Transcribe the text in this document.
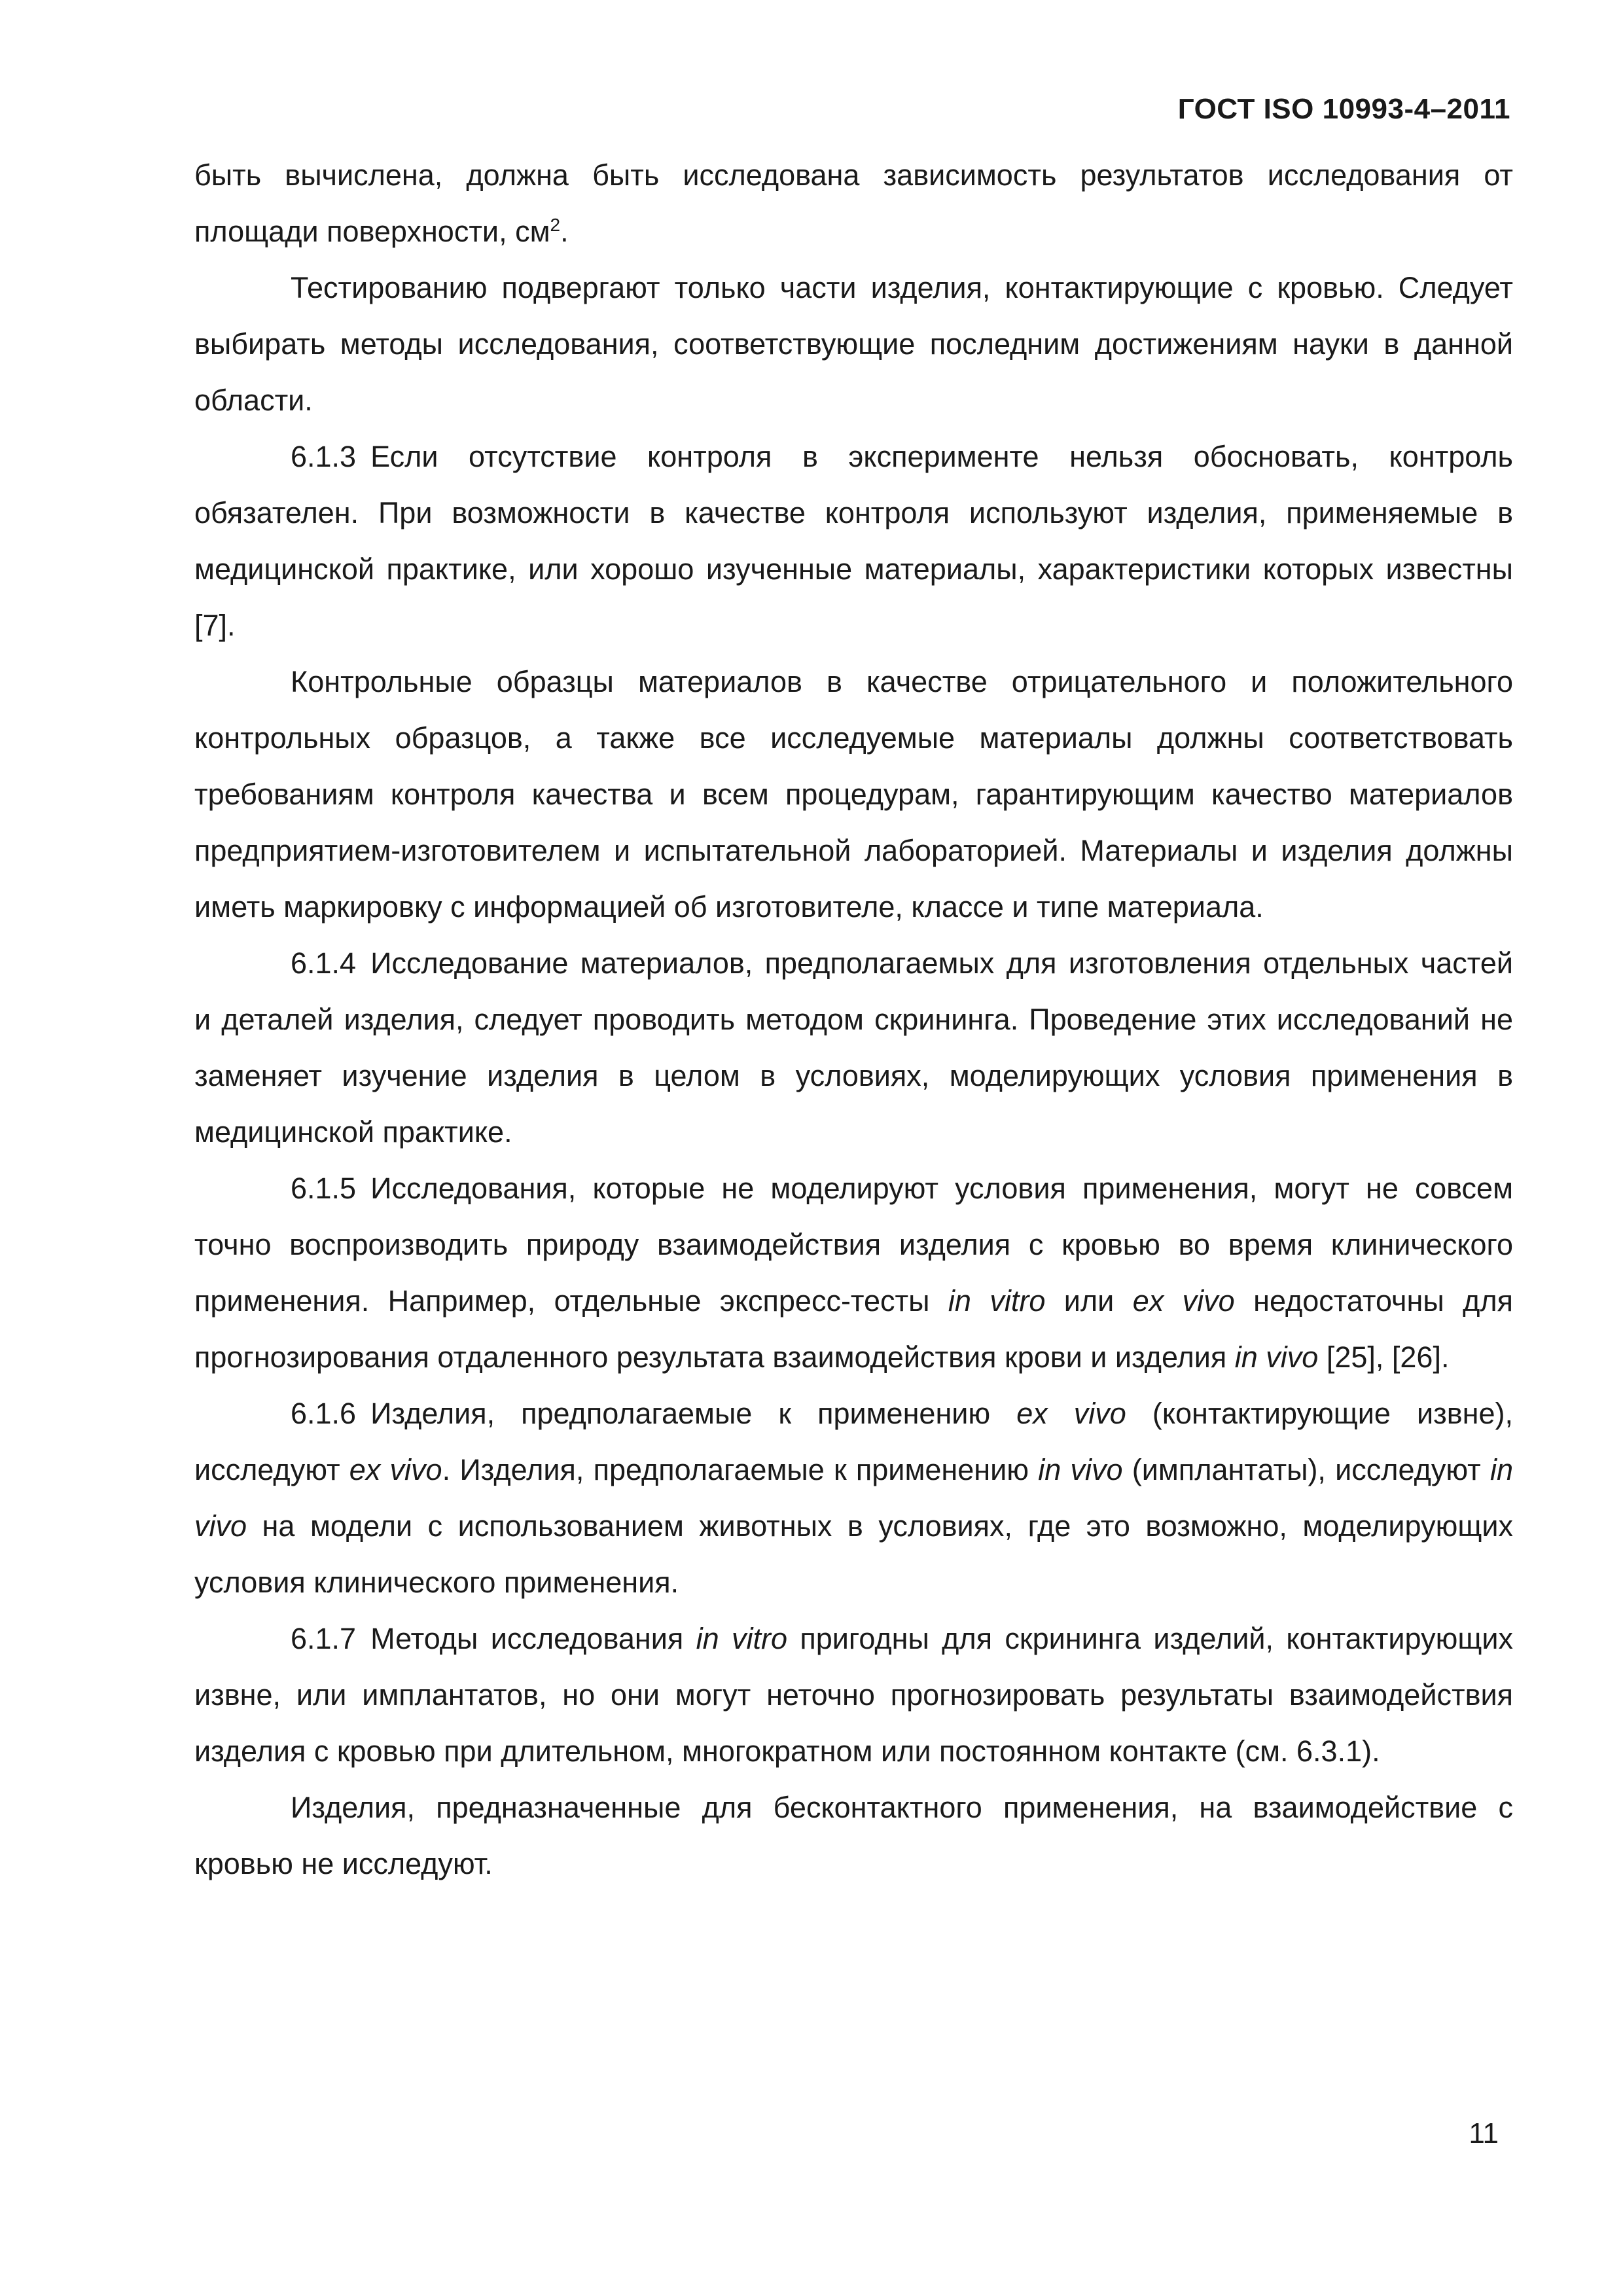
ГОСТ ISO 10993-4–2011

быть вычислена, должна быть исследована зависимость результатов исследования от площади поверхности, $см^2$.

Тестированию подвергают только части изделия, контактирующие с кровью. Следует выбирать методы исследования, соответствующие последним достижениям науки в данной области.

6.1.3 Если отсутствие контроля в эксперименте нельзя обосновать, контроль обязателен. При возможности в качестве контроля используют изделия, применяемые в медицинской практике, или хорошо изученные материалы, характеристики которых известны [7].

Контрольные образцы материалов в качестве отрицательного и положительного контрольных образцов, а также все исследуемые материалы должны соответствовать требованиям контроля качества и всем процедурам, гарантирующим качество материалов предприятием-изготовителем и испытательной лабораторией. Материалы и изделия должны иметь маркировку с информацией об изготовителе, классе и типе материала.

6.1.4 Исследование материалов, предполагаемых для изготовления отдельных частей и деталей изделия, следует проводить методом скрининга. Проведение этих исследований не заменяет изучение изделия в целом в условиях, моделирующих условия применения в медицинской практике.

6.1.5 Исследования, которые не моделируют условия применения, могут не совсем точно воспроизводить природу взаимодействия изделия с кровью во время клинического применения. Например, отдельные экспресс-тесты in vitro или ex vivo недостаточны для прогнозирования отдаленного результата взаимодействия крови и изделия in vivo [25], [26].

6.1.6 Изделия, предполагаемые к применению ex vivo (контактирующие извне), исследуют ex vivo. Изделия, предполагаемые к применению in vivo (имплантаты), исследуют in vivo на модели с использованием животных в условиях, где это возможно, моделирующих условия клинического применения.

6.1.7 Методы исследования in vitro пригодны для скрининга изделий, контактирующих извне, или имплантатов, но они могут неточно прогнозировать результаты взаимодействия изделия с кровью при длительном, многократном или постоянном контакте (см. 6.3.1).

Изделия, предназначенные для бесконтактного применения, на взаимодействие с кровью не исследуют.

11
